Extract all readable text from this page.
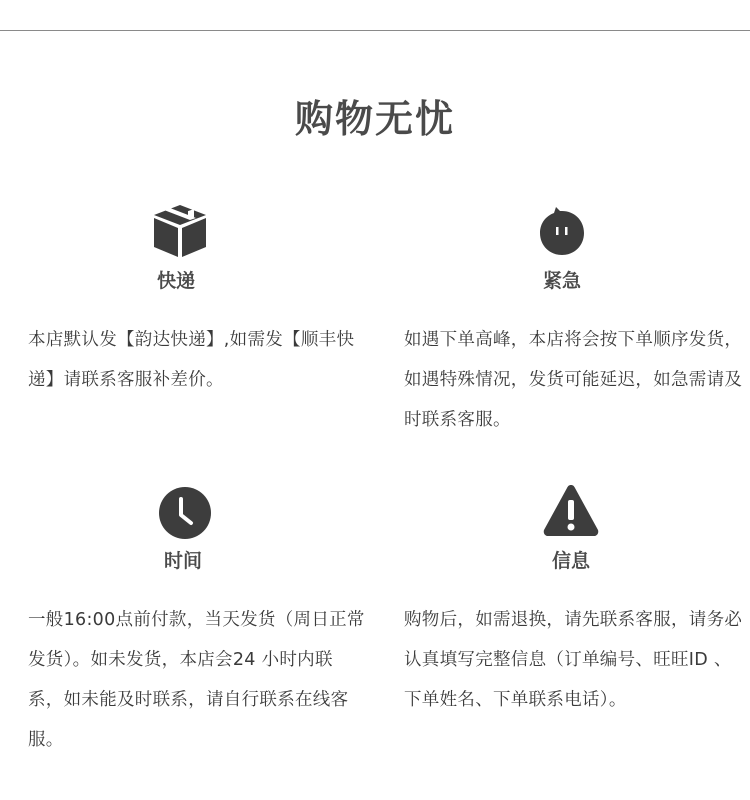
购物无忧
快递
本店默认发【韵达快递】,如需发【顺丰快递】请联系客服补差价。
紧急
如遇下单高峰，本店将会按下单顺序发货，如遇特殊情况，发货可能延迟，如急需请及时联系客服。
时间
一般16:00点前付款，当天发货（周日正常发货）。如未发货，本店会24 小时内联系，如未能及时联系，请自行联系在线客服。
信息
购物后，如需退换，请先联系客服，请务必认真填写完整信息（订单编号、旺旺ID 、下单姓名、下单联系电话）。
